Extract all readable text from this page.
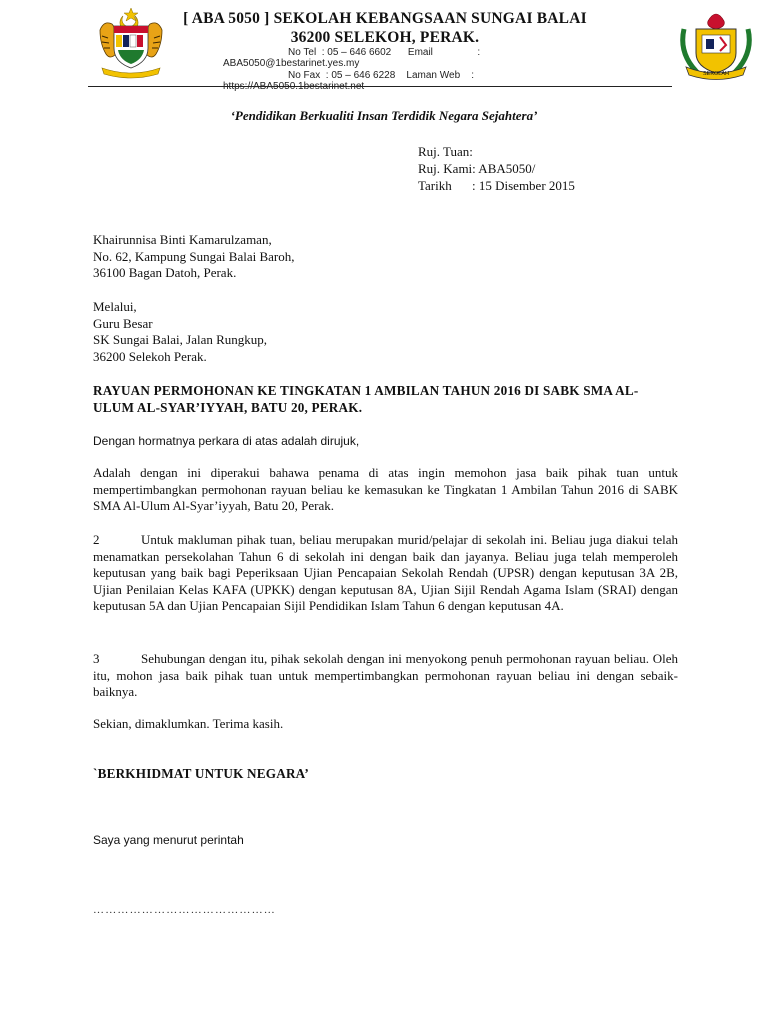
[ ABA 5050 ] SEKOLAH KEBANGSAAN SUNGAI BALAI
36200 SELEKOH, PERAK.
No Tel  : 05 – 646 6602      Email                :
ABA5050@1bestarinet.yes.my
No Fax  : 05 – 646 6228    Laman Web    :
https://ABA5050.1bestarinet.net
SEKOLAH
‘Pendidikan Berkualiti Insan Terdidik Negara Sejahtera’
Ruj. Tuan:
Ruj. Kami: ABA5050/
Tarikh : 15 Disember 2015

Khairunnisa Binti Kamarulzaman,

No. 62, Kampung Sungai Balai Baroh,

36100 Bagan Datoh, Perak.

Melalui,

Guru Besar

SK Sungai Balai, Jalan Rungkup,

36200 Selekoh Perak.

RAYUAN PERMOHONAN KE TINGKATAN 1 AMBILAN TAHUN 2016 DI SABK SMA AL-ULUM AL-SYAR’IYYAH, BATU 20, PERAK.
Dengan hormatnya perkara di atas adalah dirujuk,
Adalah dengan ini diperakui bahawa penama di atas ingin memohon jasa baik pihak tuan untuk mempertimbangkan permohonan rayuan beliau ke kemasukan ke Tingkatan 1 Ambilan Tahun 2016 di SABK SMA Al-Ulum Al-Syar’iyyah, Batu 20, Perak.
2	Untuk makluman pihak tuan, beliau merupakan murid/pelajar di sekolah ini. Beliau juga diakui telah menamatkan persekolahan Tahun 6 di sekolah ini dengan baik dan jayanya. Beliau juga telah memperoleh keputusan yang baik bagi Peperiksaan Ujian Pencapaian Sekolah Rendah (UPSR) dengan keputusan 3A 2B, Ujian Penilaian Kelas KAFA (UPKK) dengan keputusan 8A, Ujian Sijil Rendah Agama Islam (SRAI) dengan keputusan 5A dan Ujian Pencapaian Sijil Pendidikan Islam Tahun 6 dengan keputusan 4A.
3	Sehubungan dengan itu, pihak sekolah dengan ini menyokong penuh permohonan rayuan beliau. Oleh itu, mohon jasa baik pihak tuan untuk mempertimbangkan permohonan rayuan beliau ini dengan sebaik-baiknya.
Sekian, dimaklumkan. Terima kasih.
`BERKHIDMAT UNTUK NEGARA’
Saya yang menurut perintah
………………………………………
